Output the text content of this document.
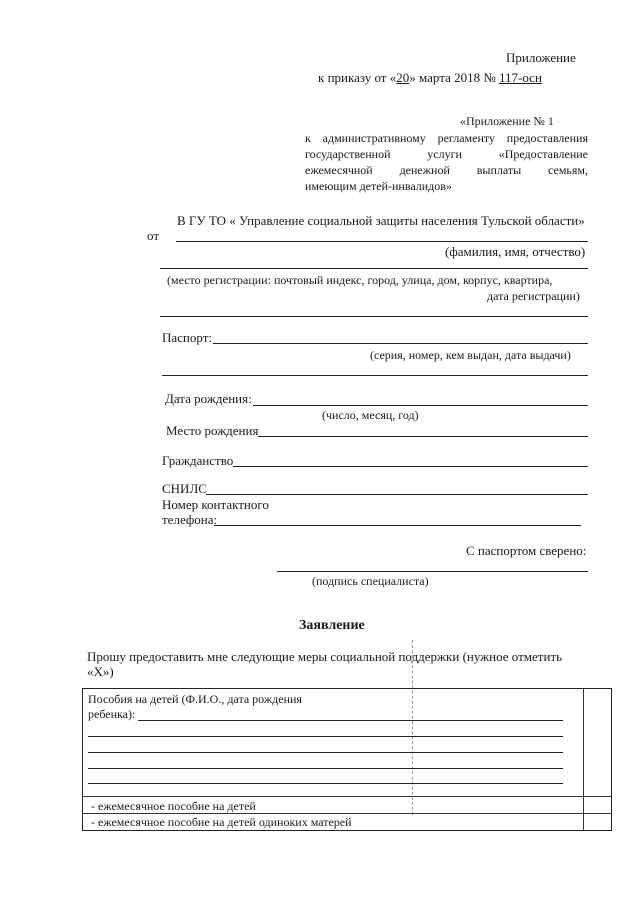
Приложение
к приказу от «20» марта 2018 № 117-осн
«Приложение № 1
к административному регламенту предоставления
государственной услуги «Предоставление
ежемесячной денежной выплаты семьям,
имеющим детей-инвалидов»
В ГУ ТО « Управление социальной защиты населения Тульской области»
от
(фамилия, имя, отчество)
(место регистрации: почтовый индекс, город, улица, дом, корпус, квартира,
дата регистрации)
Паспорт:
(серия, номер, кем выдан, дата выдачи)
Дата рождения:
(число, месяц, год)
Место рождения
Гражданство
СНИЛС
Номер контактного
телефона:
С паспортом сверено:
(подпись специалиста)
Заявление
Прошу предоставить мне следующие меры социальной поддержки (нужное отметить
«Х»)
Пособия на детей (Ф.И.О., дата рождения
ребенка):
- ежемесячное пособие на детей
- ежемесячное пособие на детей одиноких матерей
